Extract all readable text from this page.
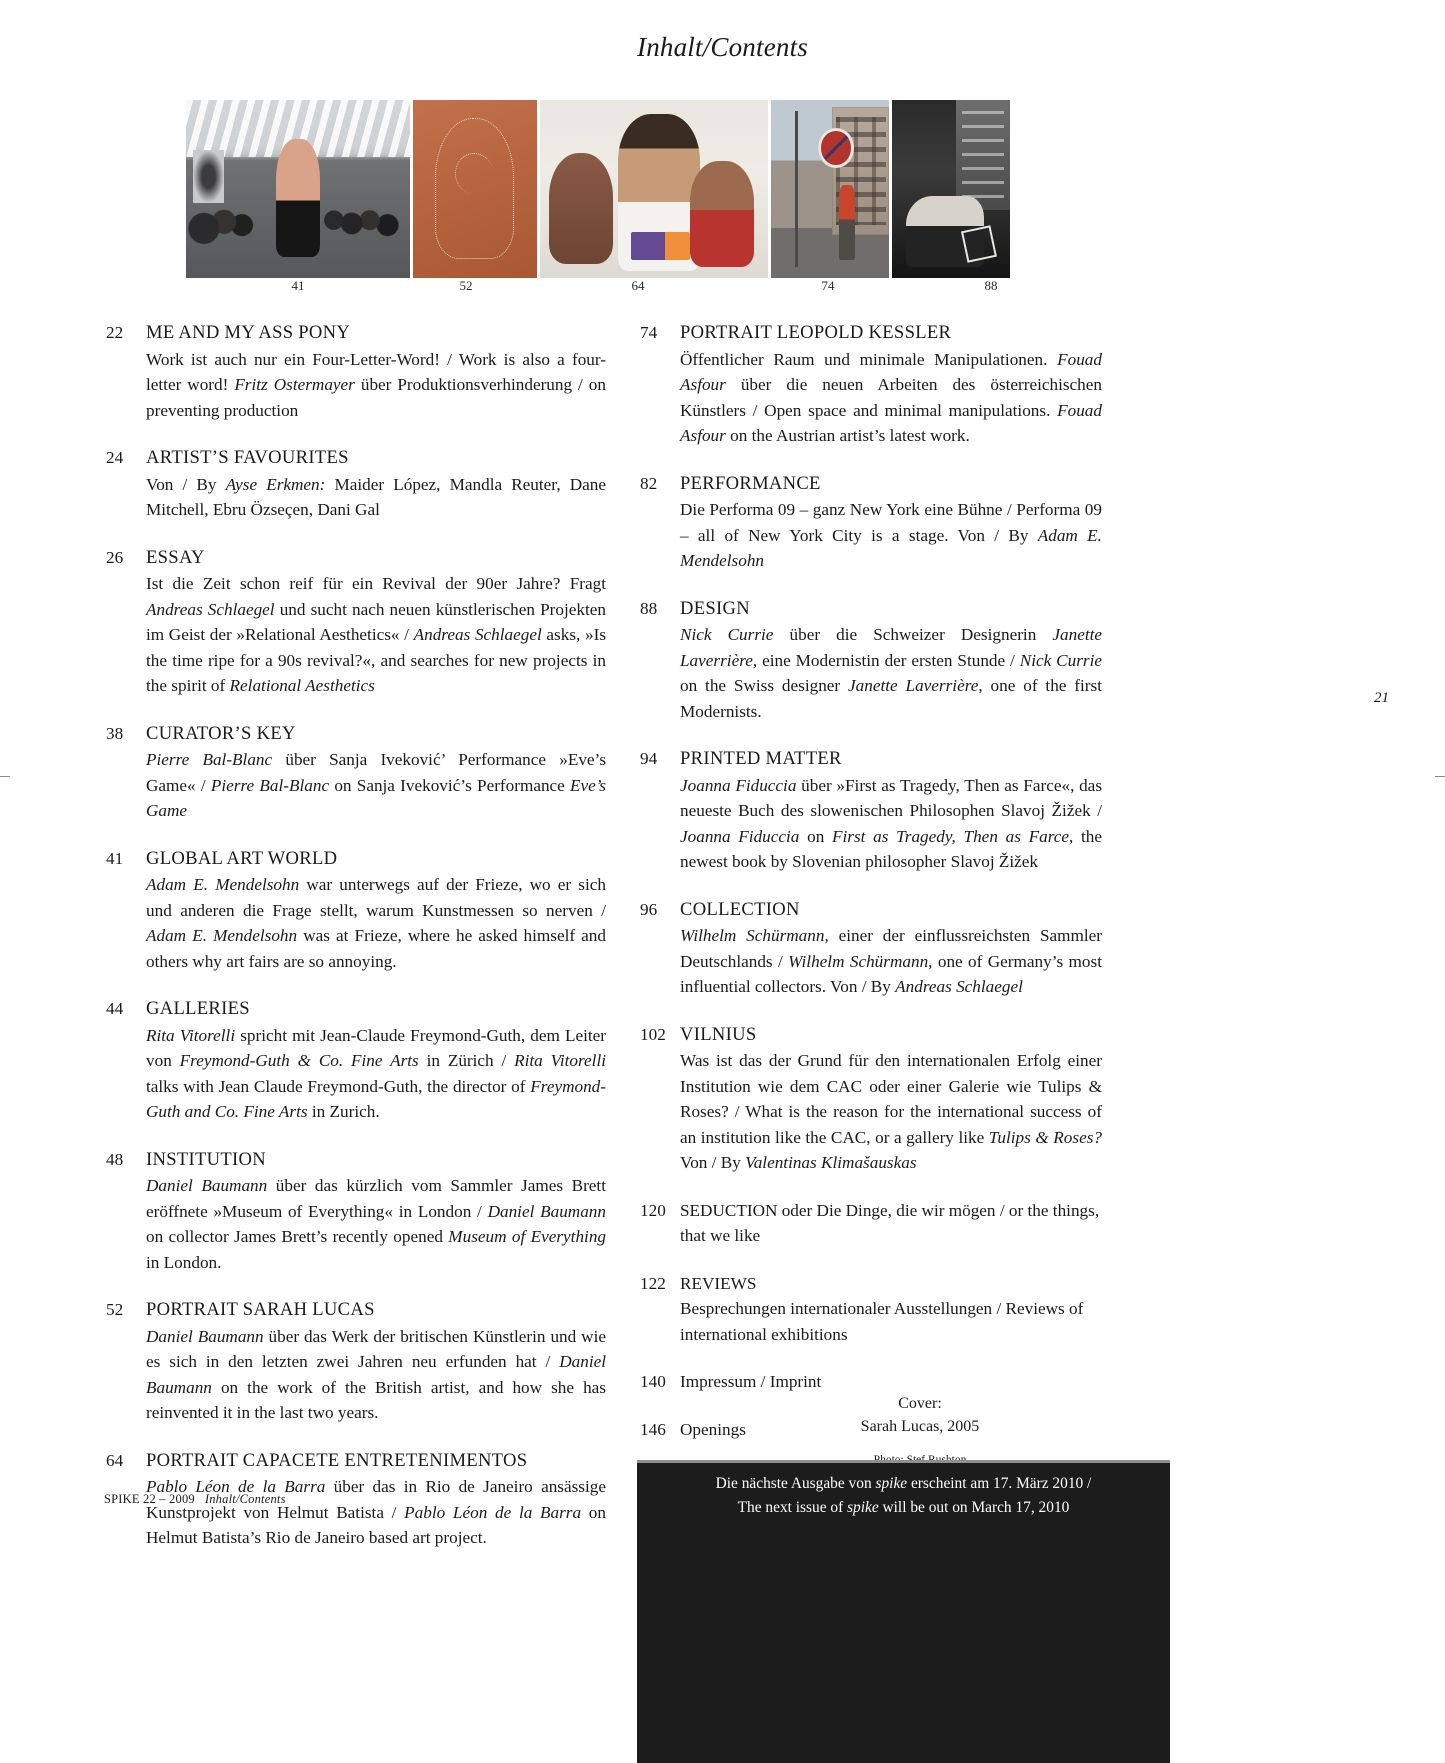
Inhalt/Contents
41	52	64	74	88
22	ME AND MY ASS PONY
Work ist auch nur ein Four-Letter-Word! / Work is also a four-letter word! Fritz Ostermayer über Produktionsverhinderung / on preventing production
24	ARTIST’S FAVOURITES
Von / By Ayse Erkmen: Maider López, Mandla Reuter, Dane Mitchell, Ebru Özseçen, Dani Gal
26	ESSAY
Ist die Zeit schon reif für ein Revival der 90er Jahre? Fragt Andreas Schlaegel und sucht nach neuen künstlerischen Projekten im Geist der »Relational Aesthetics« / Andreas Schlaegel asks, »Is the time ripe for a 90s revival?«, and searches for new projects in the spirit of Relational Aesthetics
38	CURATOR’S KEY
Pierre Bal-Blanc über Sanja Iveković’ Performance »Eve’s Game« / Pierre Bal-Blanc on Sanja Iveković’s Performance Eve’s Game
41	GLOBAL ART WORLD
Adam E. Mendelsohn war unterwegs auf der Frieze, wo er sich und anderen die Frage stellt, warum Kunstmessen so nerven / Adam E. Mendelsohn was at Frieze, where he asked himself and others why art fairs are so annoying.
44	GALLERIES
Rita Vitorelli spricht mit Jean-Claude Freymond-Guth, dem Leiter von Freymond-Guth & Co. Fine Arts in Zürich / Rita Vitorelli talks with Jean Claude Freymond-Guth, the director of Freymond-Guth and Co. Fine Arts in Zurich.
48	INSTITUTION
Daniel Baumann über das kürzlich vom Sammler James Brett eröffnete »Museum of Everything« in London / Daniel Baumann on collector James Brett’s recently opened Museum of Everything in London.
52	PORTRAIT SARAH LUCAS
Daniel Baumann über das Werk der britischen Künstlerin und wie es sich in den letzten zwei Jahren neu erfunden hat / Daniel Baumann on the work of the British artist, and how she has reinvented it in the last two years.
64	PORTRAIT CAPACETE ENTRETENIMENTOS
Pablo Léon de la Barra über das in Rio de Janeiro ansässige Kunstprojekt von Helmut Batista / Pablo Léon de la Barra on Helmut Batista’s Rio de Janeiro based art project.
74	PORTRAIT LEOPOLD KESSLER
Öffentlicher Raum und minimale Manipulationen. Fouad Asfour über die neuen Arbeiten des österreichischen Künstlers / Open space and minimal manipulations. Fouad Asfour on the Austrian artist’s latest work.
82	PERFORMANCE
Die Performa 09 – ganz New York eine Bühne / Performa 09 – all of New York City is a stage. Von / By Adam E. Mendelsohn
88	DESIGN
Nick Currie über die Schweizer Designerin Janette Laverrière, eine Modernistin der ersten Stunde / Nick Currie on the Swiss designer Janette Laverrière, one of the first Modernists.
94	PRINTED MATTER
Joanna Fiduccia über »First as Tragedy, Then as Farce«, das neueste Buch des slowenischen Philosophen Slavoj Žižek / Joanna Fiduccia on First as Tragedy, Then as Farce, the newest book by Slovenian philosopher Slavoj Žižek
96	COLLECTION
Wilhelm Schürmann, einer der einflussreichsten Sammler Deutschlands / Wilhelm Schürmann, one of Germany’s most influential collectors. Von / By Andreas Schlaegel
102 VILNIUS
Was ist das der Grund für den internationalen Erfolg einer Institution wie dem CAC oder einer Galerie wie Tulips & Roses? / What is the reason for the international success of an institution like the CAC, or a gallery like Tulips & Roses? Von / By Valentinas Klimašauskas
120 SEDUCTION oder Die Dinge, die wir mögen / or the things, that we like
122 REVIEWS
Besprechungen internationaler Ausstellungen / Reviews of international exhibitions
140 Impressum / Imprint
146 Openings
21
Cover:
Sarah Lucas, 2005
Die nächste Ausgabe von spike erscheint am 17. März 2010 /
The next issue of spike will be out on March 17, 2010
SPIKE 22 – 2009 Inhalt/Contents
